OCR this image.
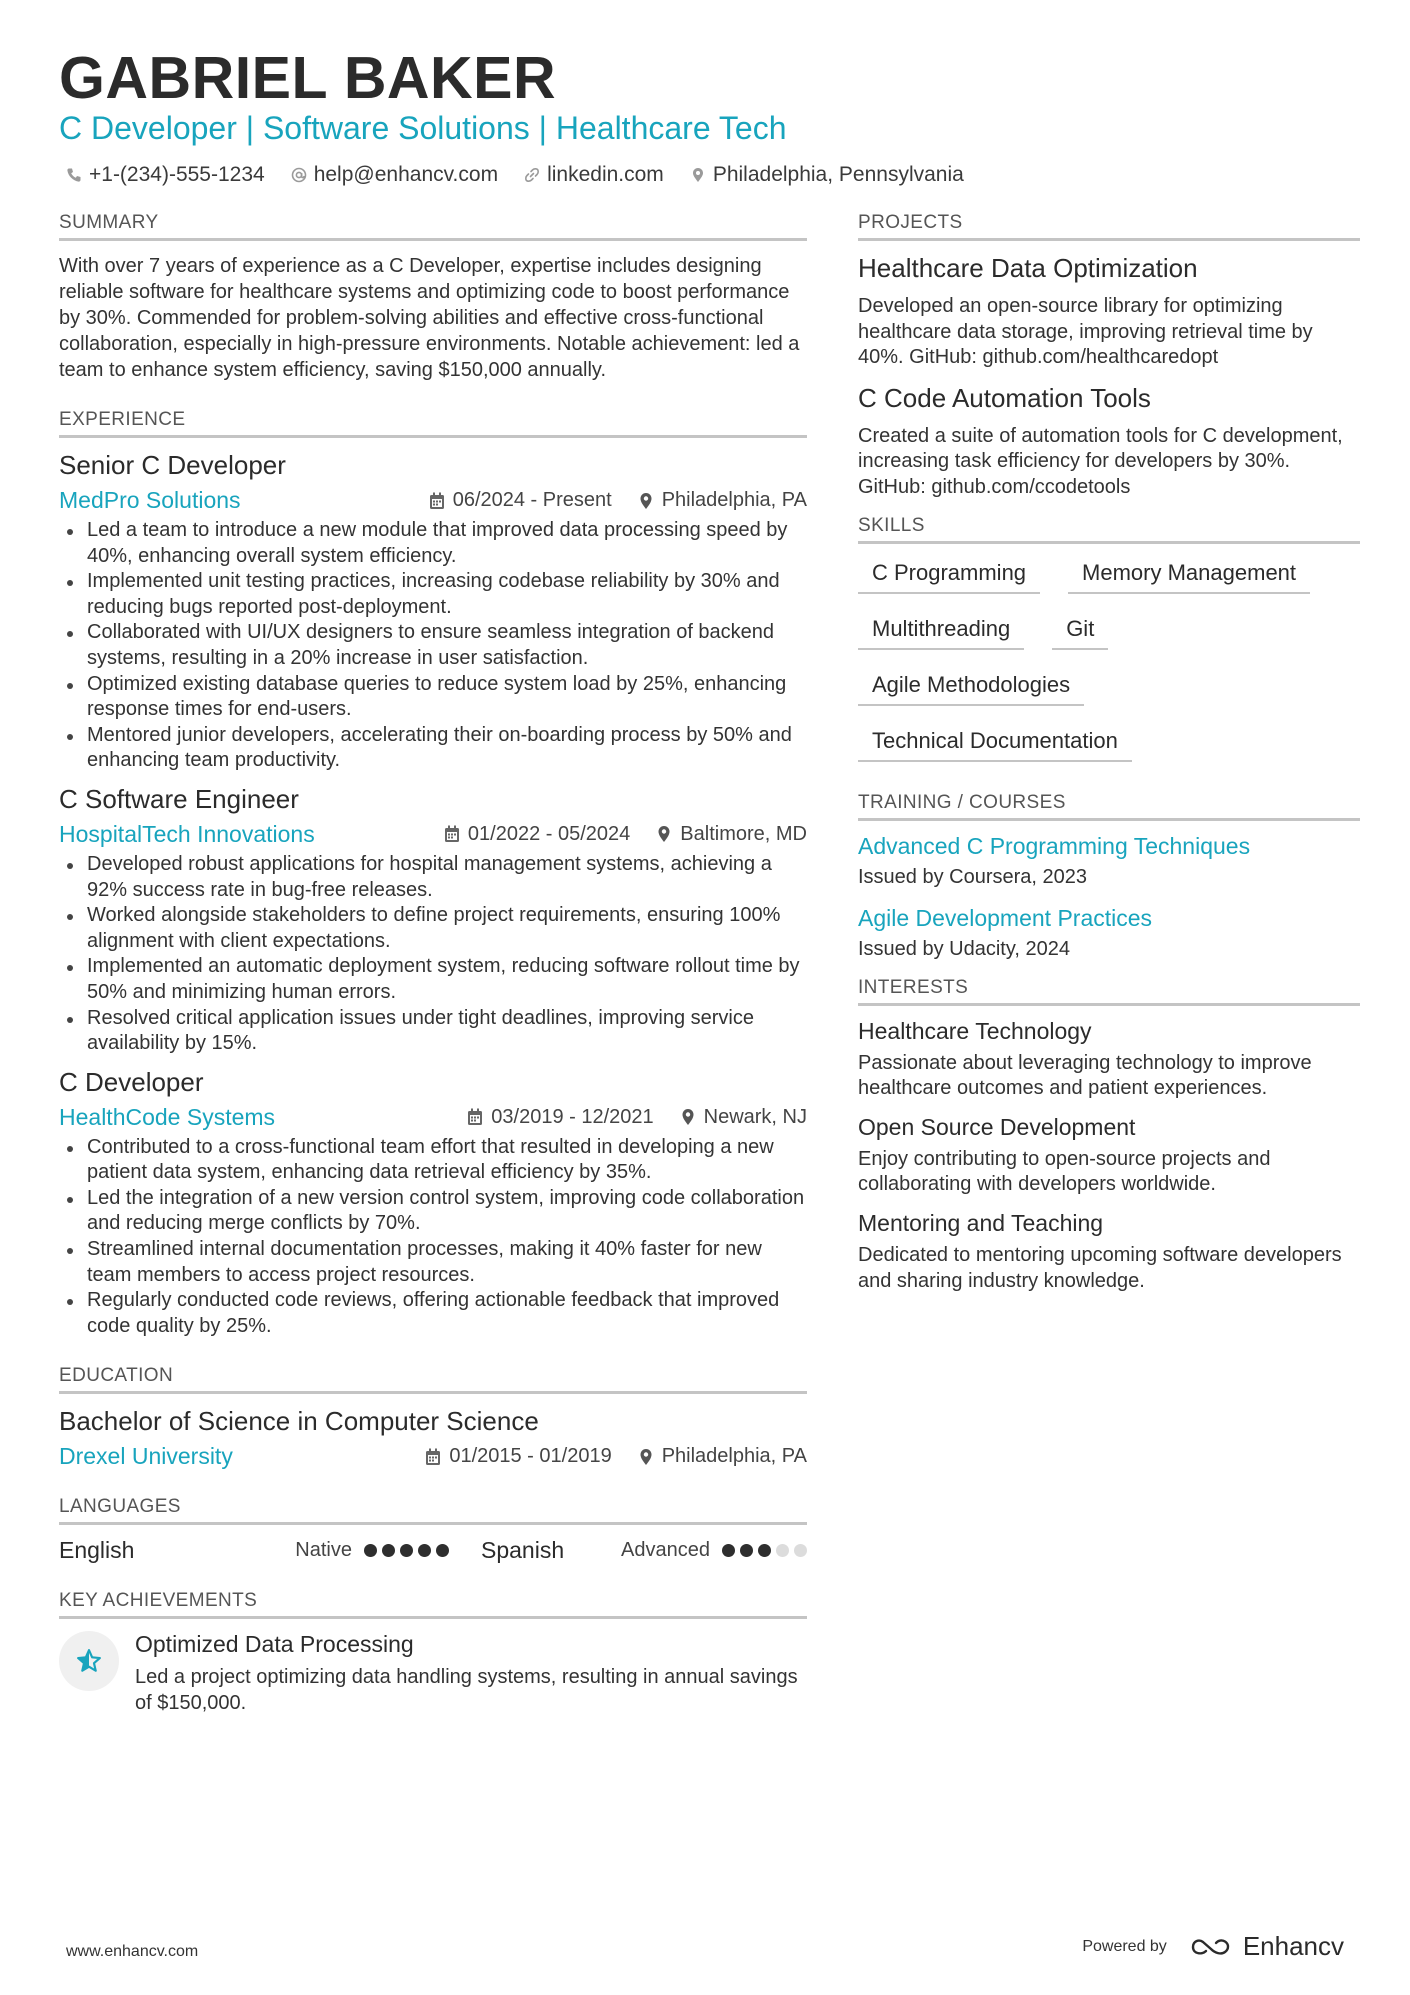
GABRIEL BAKER
C Developer | Software Solutions | Healthcare Tech
+1-(234)-555-1234 help@enhancv.com linkedin.com Philadelphia, Pennsylvania
SUMMARY
With over 7 years of experience as a C Developer, expertise includes designing reliable software for healthcare systems and optimizing code to boost performance by 30%. Commended for problem-solving abilities and effective cross-functional collaboration, especially in high-pressure environments. Notable achievement: led a team to enhance system efficiency, saving $150,000 annually.
EXPERIENCE
Senior C Developer
MedPro Solutions	06/2024 - Present	Philadelphia, PA
Led a team to introduce a new module that improved data processing speed by 40%, enhancing overall system efficiency.
Implemented unit testing practices, increasing codebase reliability by 30% and reducing bugs reported post-deployment.
Collaborated with UI/UX designers to ensure seamless integration of backend systems, resulting in a 20% increase in user satisfaction.
Optimized existing database queries to reduce system load by 25%, enhancing response times for end-users.
Mentored junior developers, accelerating their on-boarding process by 50% and enhancing team productivity.
C Software Engineer
HospitalTech Innovations	01/2022 - 05/2024	Baltimore, MD
Developed robust applications for hospital management systems, achieving a 92% success rate in bug-free releases.
Worked alongside stakeholders to define project requirements, ensuring 100% alignment with client expectations.
Implemented an automatic deployment system, reducing software rollout time by 50% and minimizing human errors.
Resolved critical application issues under tight deadlines, improving service availability by 15%.
C Developer
HealthCode Systems	03/2019 - 12/2021	Newark, NJ
Contributed to a cross-functional team effort that resulted in developing a new patient data system, enhancing data retrieval efficiency by 35%.
Led the integration of a new version control system, improving code collaboration and reducing merge conflicts by 70%.
Streamlined internal documentation processes, making it 40% faster for new team members to access project resources.
Regularly conducted code reviews, offering actionable feedback that improved code quality by 25%.
EDUCATION
Bachelor of Science in Computer Science
Drexel University	01/2015 - 01/2019	Philadelphia, PA
LANGUAGES
English	Native	Spanish	Advanced
KEY ACHIEVEMENTS
Optimized Data Processing
Led a project optimizing data handling systems, resulting in annual savings of $150,000.
PROJECTS
Healthcare Data Optimization
Developed an open-source library for optimizing healthcare data storage, improving retrieval time by 40%. GitHub: github.com/healthcaredopt
C Code Automation Tools
Created a suite of automation tools for C development, increasing task efficiency for developers by 30%. GitHub: github.com/ccodetools
SKILLS
C Programming	Memory Management
Multithreading	Git
Agile Methodologies
Technical Documentation
TRAINING / COURSES
Advanced C Programming Techniques
Issued by Coursera, 2023
Agile Development Practices
Issued by Udacity, 2024
INTERESTS
Healthcare Technology
Passionate about leveraging technology to improve healthcare outcomes and patient experiences.
Open Source Development
Enjoy contributing to open-source projects and collaborating with developers worldwide.
Mentoring and Teaching
Dedicated to mentoring upcoming software developers and sharing industry knowledge.
www.enhancv.com	Powered by	Enhancv
